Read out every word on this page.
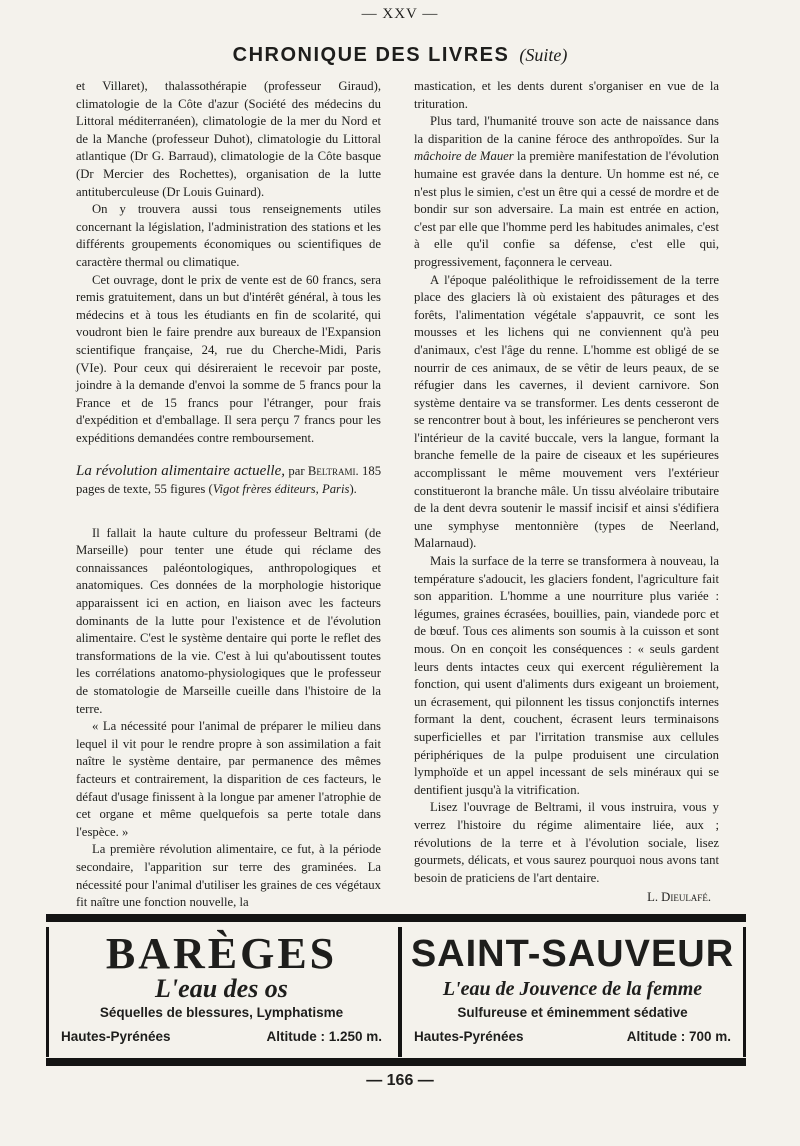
— XXV —
CHRONIQUE DES LIVRES (Suite)

et Villaret), thalassothérapie (professeur Giraud), climatologie de la Côte d'azur (Société des médecins du Littoral méditerranéen), climatologie de la mer du Nord et de la Manche (professeur Duhot), climatologie du Littoral atlantique (Dr G. Barraud), climatologie de la Côte basque (Dr Mercier des Rochettes), organisation de la lutte antituberculeuse (Dr Louis Guinard).

On y trouvera aussi tous renseignements utiles concernant la législation, l'administration des stations et les différents groupements économiques ou scientifiques de caractère thermal ou climatique.

Cet ouvrage, dont le prix de vente est de 60 francs, sera remis gratuitement, dans un but d'intérêt général, à tous les médecins et à tous les étudiants en fin de scolarité, qui voudront bien le faire prendre aux bureaux de l'Expansion scientifique française, 24, rue du Cherche-Midi, Paris (VIe). Pour ceux qui désireraient le recevoir par poste, joindre à la demande d'envoi la somme de 5 francs pour la France et de 15 francs pour l'étranger, pour frais d'expédition et d'emballage. Il sera perçu 7 francs pour les expéditions demandées contre remboursement.

La révolution alimentaire actuelle, par Beltrami. 185 pages de texte, 55 figures (Vigot frères éditeurs, Paris).

Il fallait la haute culture du professeur Beltrami (de Marseille) pour tenter une étude qui réclame des connaissances paléontologiques, anthropologiques et anatomiques. Ces données de la morphologie historique apparaissent ici en action, en liaison avec les facteurs dominants de la lutte pour l'existence et de l'évolution alimentaire. C'est le système dentaire qui porte le reflet des transformations de la vie. C'est à lui qu'aboutissent toutes les corrélations anatomo-physiologiques que le professeur de stomatologie de Marseille cueille dans l'histoire de la terre.

« La nécessité pour l'animal de préparer le milieu dans lequel il vit pour le rendre propre à son assimilation a fait naître le système dentaire, par permanence des mêmes facteurs et contrairement, la disparition de ces facteurs, le défaut d'usage finissent à la longue par amener l'atrophie de cet organe et même quelquefois sa perte totale dans l'espèce. »

La première révolution alimentaire, ce fut, à la période secondaire, l'apparition sur terre des graminées. La nécessité pour l'animal d'utiliser les graines de ces végétaux fit naître une fonction nouvelle, la

mastication, et les dents durent s'organiser en vue de la trituration.

Plus tard, l'humanité trouve son acte de naissance dans la disparition de la canine féroce des anthropoïdes. Sur la mâchoire de Mauer la première manifestation de l'évolution humaine est gravée dans la denture. Un homme est né, ce n'est plus le simien, c'est un être qui a cessé de mordre et de bondir sur son adversaire. La main est entrée en action, c'est par elle que l'homme perd les habitudes animales, c'est à elle qu'il confie sa défense, c'est elle qui, progressivement, façonnera le cerveau.

A l'époque paléolithique le refroidissement de la terre place des glaciers là où existaient des pâturages et des forêts, l'alimentation végétale s'appauvrit, ce sont les mousses et les lichens qui ne conviennent qu'à peu d'animaux, c'est l'âge du renne. L'homme est obligé de se nourrir de ces animaux, de se vêtir de leurs peaux, de se réfugier dans les cavernes, il devient carnivore. Son système dentaire va se transformer. Les dents cesseront de se rencontrer bout à bout, les inférieures se pencheront vers l'intérieur de la cavité buccale, vers la langue, formant la branche femelle de la paire de ciseaux et les supérieures accomplissant le même mouvement vers l'extérieur constitueront la branche mâle. Un tissu alvéolaire tributaire de la dent devra soutenir le massif incisif et ainsi s'édifiera une symphyse mentonnière (types de Neerland, Malarnaud).

Mais la surface de la terre se transformera à nouveau, la température s'adoucit, les glaciers fondent, l'agriculture fait son apparition. L'homme a une nourriture plus variée : légumes, graines écrasées, bouillies, pain, viandede porc et de bœuf. Tous ces aliments son soumis à la cuisson et sont mous. On en conçoit les conséquences : « seuls gardent leurs dents intactes ceux qui exercent régulièrement la fonction, qui usent d'aliments durs exigeant un broiement, un écrasement, qui pilonnent les tissus conjonctifs internes formant la dent, couchent, écrasent leurs terminaisons superficielles et par l'irritation transmise aux cellules périphériques de la pulpe produisent une circulation lymphoïde et un appel incessant de sels minéraux qui se dentifient jusqu'à la vitrification.

Lisez l'ouvrage de Beltrami, il vous instruira, vous y verrez l'histoire du régime alimentaire liée, aux ; révolutions de la terre et à l'évolution sociale, lisez gourmets, délicats, et vous saurez pourquoi nous avons tant besoin de praticiens de l'art dentaire.

L. Dieulafé.

BARÈGES
L'eau des os
Séquelles de blessures, Lymphatisme
Hautes-Pyrénées	Altitude : 1.250 m.
SAINT-SAUVEUR
L'eau de Jouvence de la femme
Sulfureuse et éminemment sédative
Hautes-Pyrénées	Altitude : 700 m.
— 166 —
